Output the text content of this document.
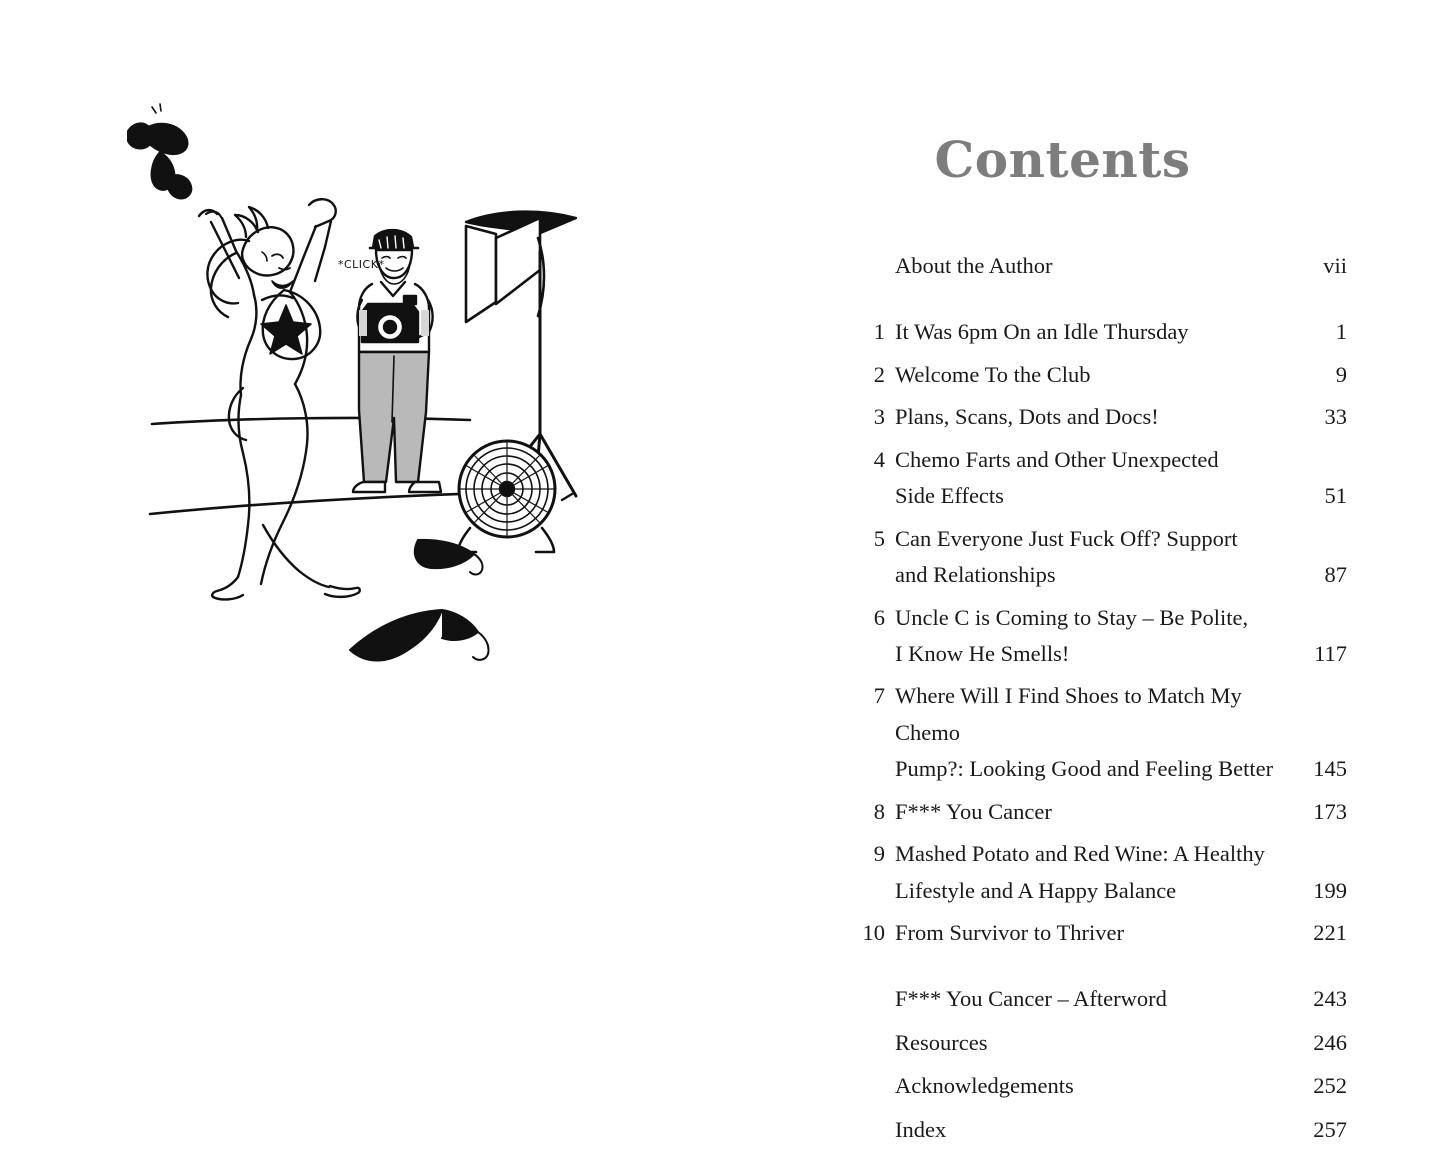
*CLICK*
Contents
About the Author	vii
1 It Was 6pm On an Idle Thursday	1
2 Welcome To the Club	9
3 Plans, Scans, Dots and Docs!	33
4 Chemo Farts and Other Unexpected
Side Effects	51
5 Can Everyone Just Fuck Off? Support
and Relationships	87
6 Uncle C is Coming to Stay – Be Polite,
I Know He Smells!	117
7 Where Will I Find Shoes to Match My Chemo
Pump?: Looking Good and Feeling Better	145
8 F*** You Cancer	173
9 Mashed Potato and Red Wine: A Healthy
Lifestyle and A Happy Balance	199
10 From Survivor to Thriver	221
F*** You Cancer – Afterword	243
Resources	246
Acknowledgements	252
Index	257
